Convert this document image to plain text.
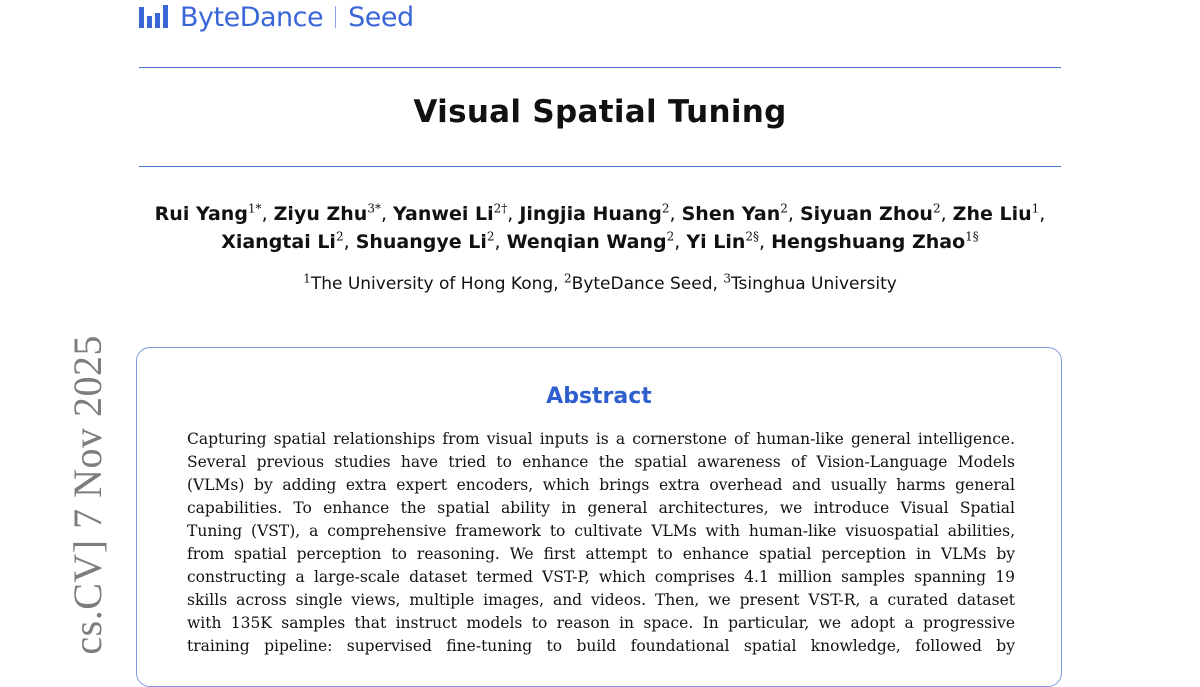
ByteDance Seed
Visual Spatial Tuning
Rui Yang$^{1*}$, Ziyu Zhu$^{3*}$, Yanwei $Li^{2\dagger}$, Jingjia Huang$^2$, Shen Yan$^2$, Siyuan Zhou$^2$, Zhe Liu$^1$, Xiangtai Li$^2$, Shuangye Li$^2$, Wenqian Wang$^2$, Yi Lin$^{2\S}$, Hengshuang Zhao$^{1\S}$
$^1$The University of Hong Kong, $^2$ByteDance Seed, $^3$Tsinghua University
cs.CV] 7 Nov 2025	Abstract
Capturing spatial relationships from visual inputs is a cornerstone of human-like general intelligence.
Several previous studies have tried to enhance the spatial awareness of Vision-Language Models
(VLMs) by adding extra expert encoders, which brings extra overhead and usually harms general
capabilities. To enhance the spatial ability in general architectures, we introduce Visual Spatial
Tuning (VST), a comprehensive framework to cultivate VLMs with human-like visuospatial abilities,
from spatial perception to reasoning. We first attempt to enhance spatial perception in VLMs by
constructing a large-scale dataset termed VST-P, which comprises 4.1 million samples spanning 19
skills across single views, multiple images, and videos. Then, we present VST-R, a curated dataset
with 135K samples that instruct models to reason in space. In particular, we adopt a progressive
training pipeline: supervised fine-tuning to build foundational spatial knowledge, followed by
